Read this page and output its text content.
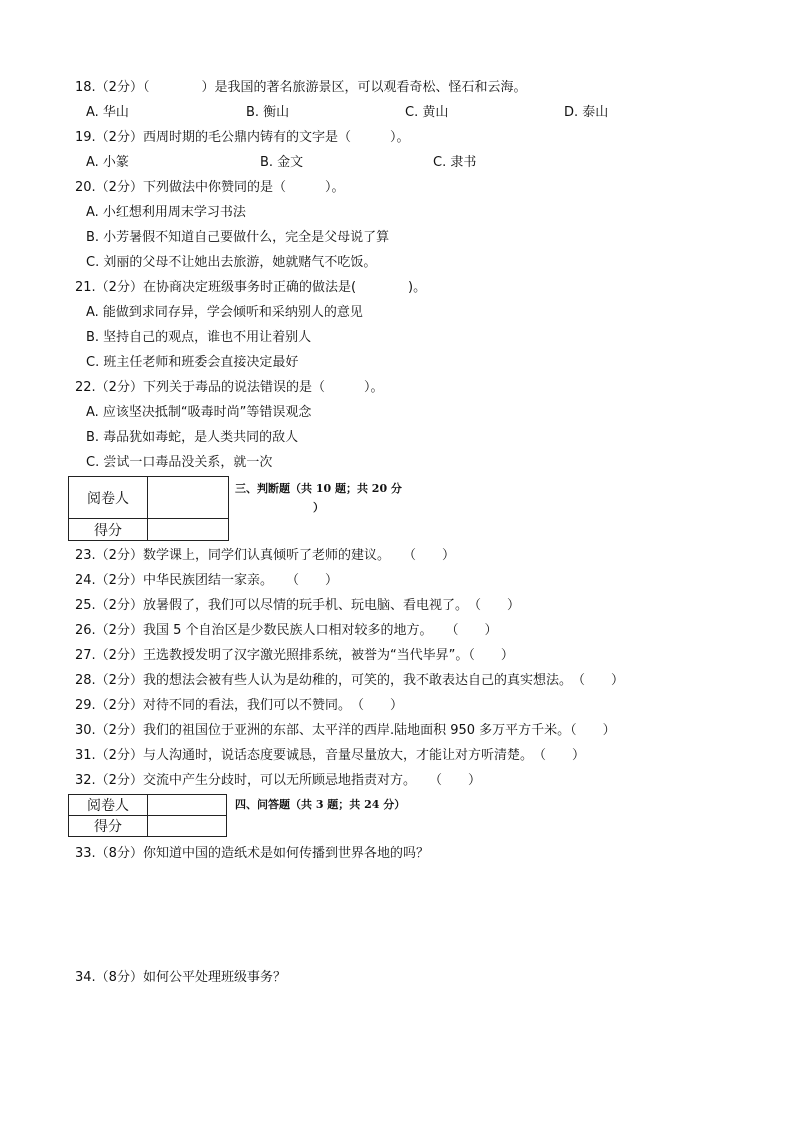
18.（2分）（　　　　）是我国的著名旅游景区，可以观看奇松、怪石和云海。
A. 华山	B. 衡山	C. 黄山	D. 泰山
19.（2分）西周时期的毛公鼎内铸有的文字是（　　　）。
A. 小篆	B. 金文	C. 隶书
20.（2分）下列做法中你赞同的是（　　　）。
A. 小红想利用周末学习书法
B. 小芳暑假不知道自己要做什么，完全是父母说了算
C. 刘丽的父母不让她出去旅游，她就赌气不吃饭。
21.（2分）在协商决定班级事务时正确的做法是(　　　　)。
A. 能做到求同存异，学会倾听和采纳别人的意见
B. 坚持自己的观点，谁也不用让着别人
C. 班主任老师和班委会直接决定最好
22.（2分）下列关于毒品的说法错误的是（　　　）。
A. 应该坚决抵制“吸毒时尚”等错误观念
B. 毒品犹如毒蛇，是人类共同的敌人
C. 尝试一口毒品没关系，就一次
阅卷人	
得分	
三、判断题（共 10 题；共 20 分
）
23.（2分）数学课上，同学们认真倾听了老师的建议。　　（　　）
24.（2分）中华民族团结一家亲。　　（　　）
25.（2分）放暑假了，我们可以尽情的玩手机、玩电脑、看电视了。　（　　）
26.（2分）我国 5 个自治区是少数民族人口相对较多的地方。　　（　　）
27.（2分）王选教授发明了汉字激光照排系统，被誉为“当代毕昇”。（　　）
28.（2分）我的想法会被有些人认为是幼稚的，可笑的，我不敢表达自己的真实想法。　（　　）
29.（2分）对待不同的看法，我们可以不赞同。　（　　）
30.（2分）我们的祖国位于亚洲的东部、太平洋的西岸.陆地面积 950 多万平方千米。（　　）
31.（2分）与人沟通时，说话态度要诚恳，音量尽量放大，才能让对方听清楚。　（　　）
32.（2分）交流中产生分歧时，可以无所顾忌地指责对方。　　（　　）
阅卷人	
得分	
四、问答题（共 3 题；共 24 分）
33.（8分）你知道中国的造纸术是如何传播到世界各地的吗？
34.（8分）如何公平处理班级事务？
